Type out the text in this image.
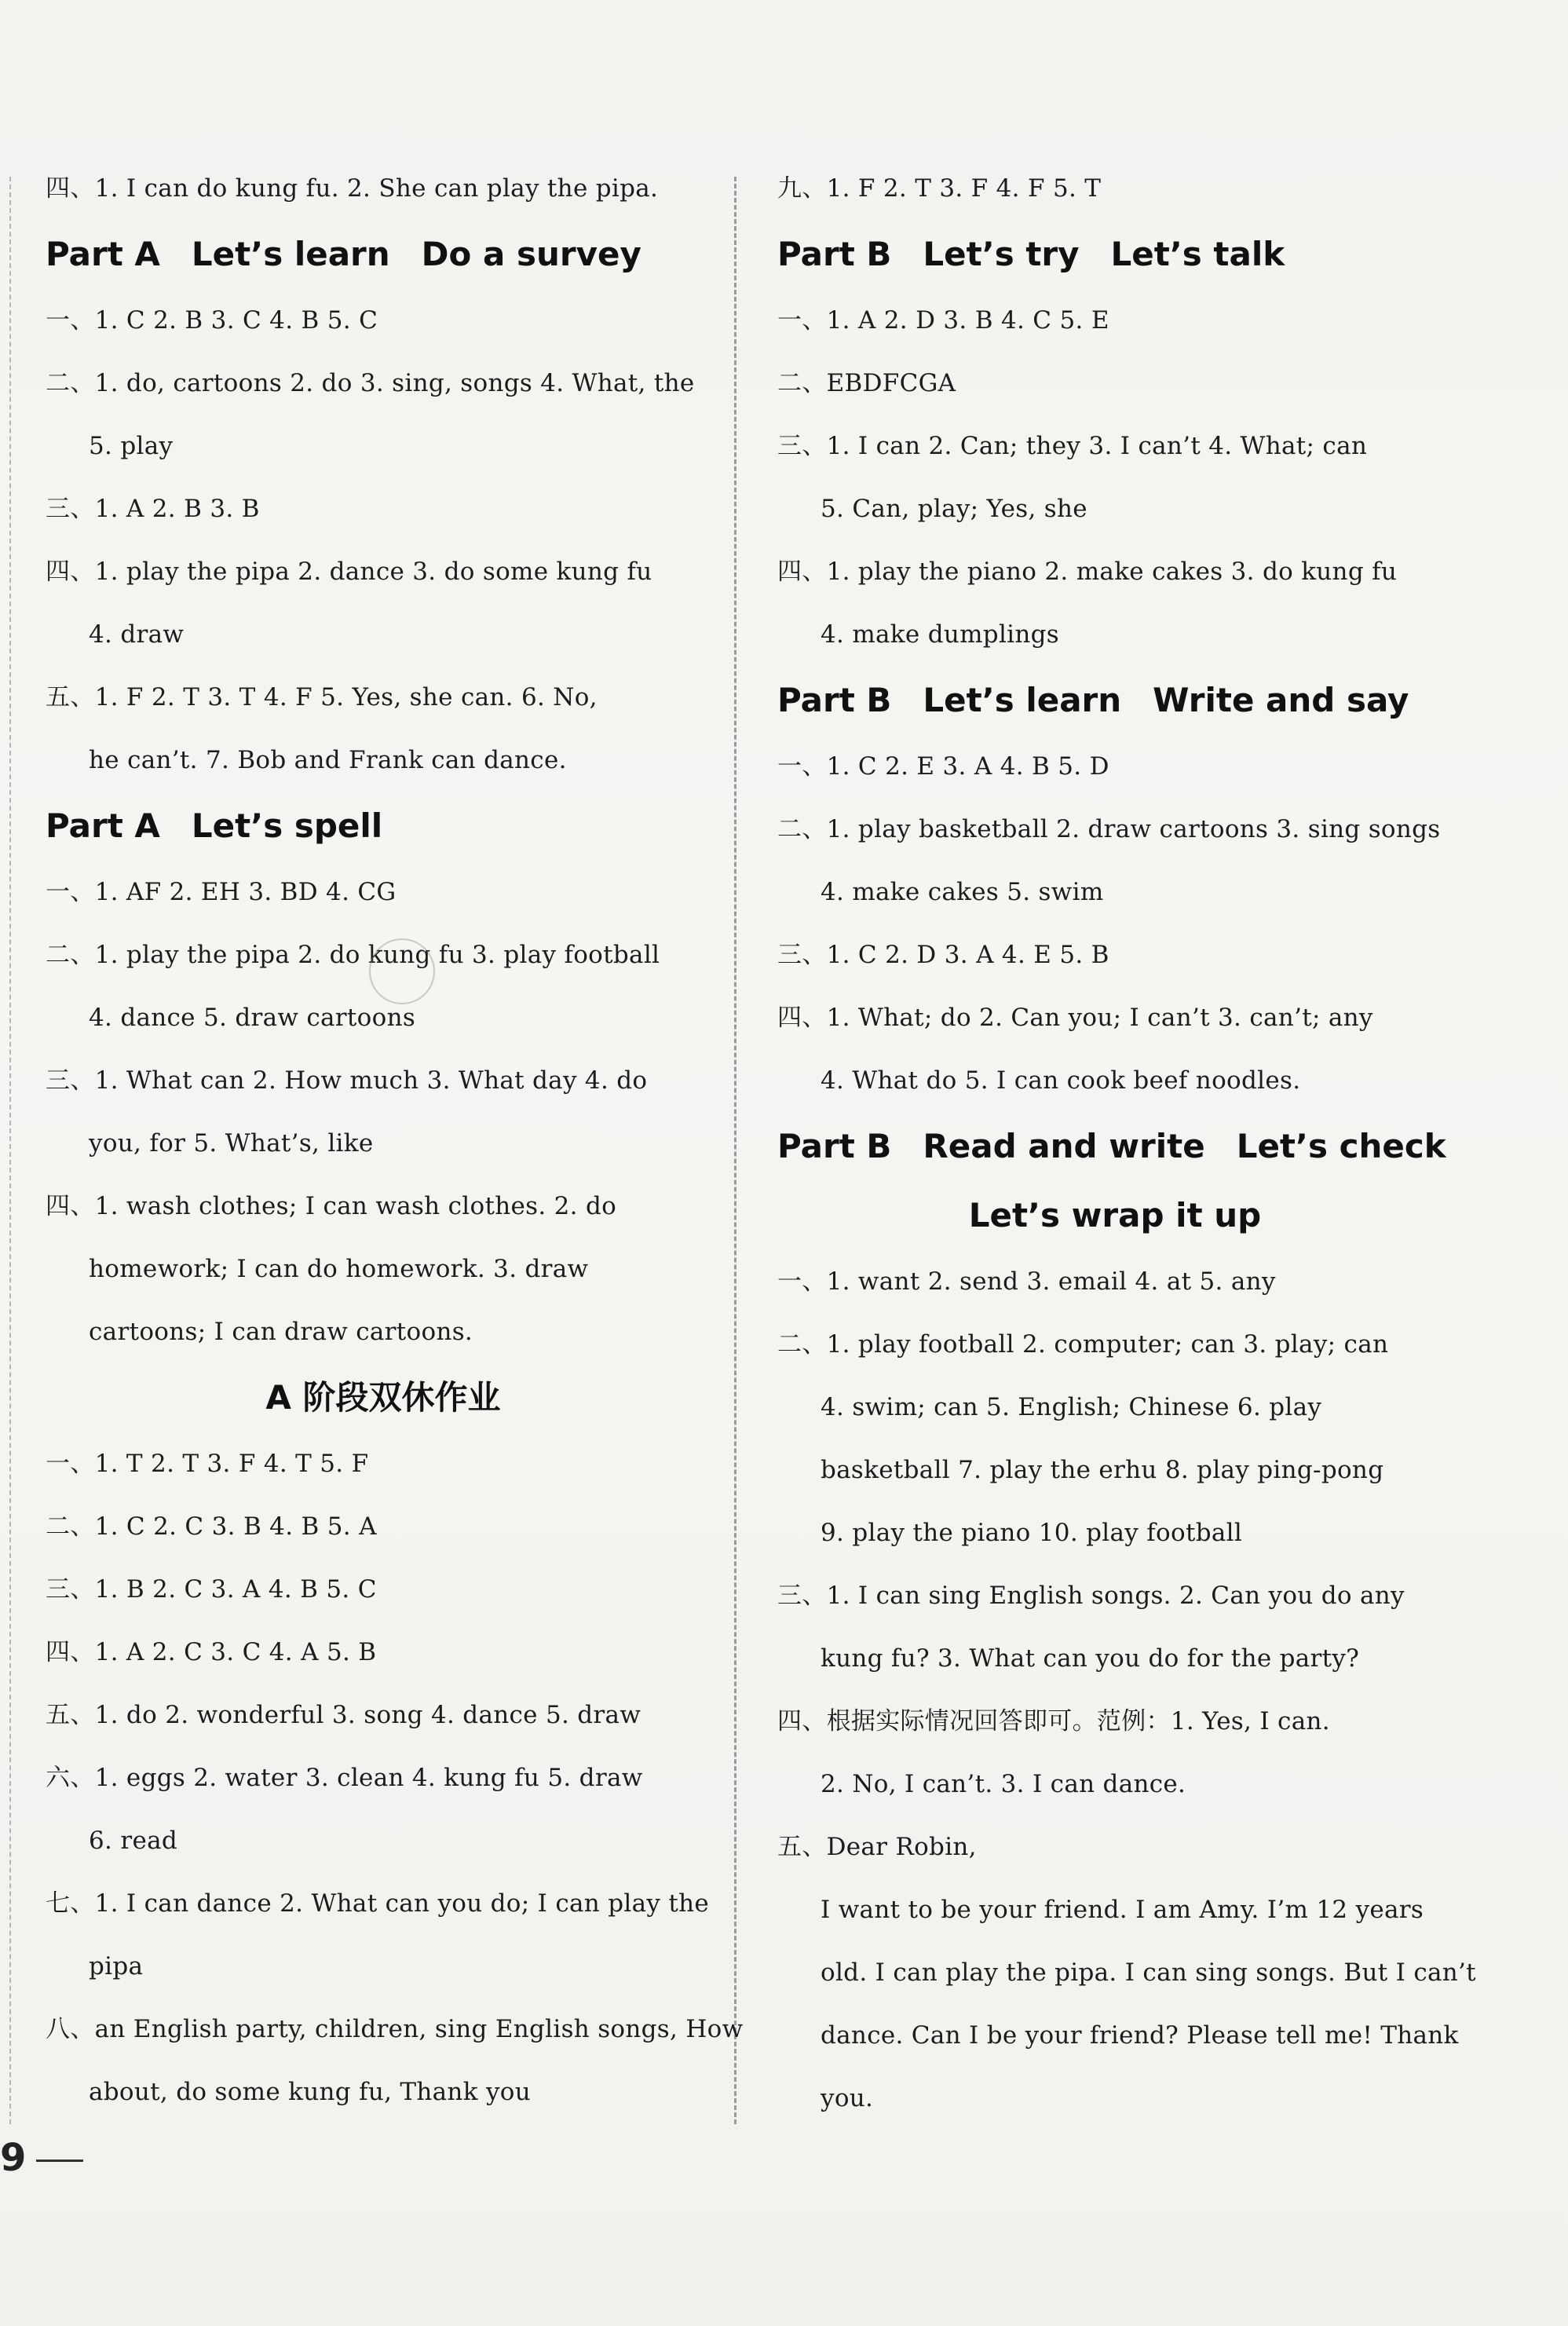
四、1. I can do kung fu. 2. She can play the pipa.
Part A Let’s learn Do a survey
一、1. C 2. B 3. C 4. B 5. C
二、1. do, cartoons 2. do 3. sing, songs 4. What, the
5. play
三、1. A 2. B 3. B
四、1. play the pipa 2. dance 3. do some kung fu
4. draw
五、1. F 2. T 3. T 4. F 5. Yes, she can. 6. No,
he can’t. 7. Bob and Frank can dance.
Part A Let’s spell
一、1. AF 2. EH 3. BD 4. CG
二、1. play the pipa 2. do kung fu 3. play football
4. dance 5. draw cartoons
三、1. What can 2. How much 3. What day 4. do
you, for 5. What’s, like
四、1. wash clothes; I can wash clothes. 2. do
homework; I can do homework. 3. draw
cartoons; I can draw cartoons.
A 阶段双休作业
一、1. T 2. T 3. F 4. T 5. F
二、1. C 2. C 3. B 4. B 5. A
三、1. B 2. C 3. A 4. B 5. C
四、1. A 2. C 3. C 4. A 5. B
五、1. do 2. wonderful 3. song 4. dance 5. draw
六、1. eggs 2. water 3. clean 4. kung fu 5. draw
6. read
七、1. I can dance 2. What can you do; I can play the
pipa
八、an English party, children, sing English songs, How
about, do some kung fu, Thank you
九、1. F 2. T 3. F 4. F 5. T
Part B Let’s try Let’s talk
一、1. A 2. D 3. B 4. C 5. E
二、EBDFCGA
三、1. I can 2. Can; they 3. I can’t 4. What; can
5. Can, play; Yes, she
四、1. play the piano 2. make cakes 3. do kung fu
4. make dumplings
Part B Let’s learn Write and say
一、1. C 2. E 3. A 4. B 5. D
二、1. play basketball 2. draw cartoons 3. sing songs
4. make cakes 5. swim
三、1. C 2. D 3. A 4. E 5. B
四、1. What; do 2. Can you; I can’t 3. can’t; any
4. What do 5. I can cook beef noodles.
Part B Read and write Let’s check
Let’s wrap it up
一、1. want 2. send 3. email 4. at 5. any
二、1. play football 2. computer; can 3. play; can
4. swim; can 5. English; Chinese 6. play
basketball 7. play the erhu 8. play ping-pong
9. play the piano 10. play football
三、1. I can sing English songs. 2. Can you do any
kung fu? 3. What can you do for the party?
四、根据实际情况回答即可。范例：1. Yes, I can.
2. No, I can’t. 3. I can dance.
五、Dear Robin,
I want to be your friend. I am Amy. I’m 12 years
old. I can play the pipa. I can sing songs. But I can’t
dance. Can I be your friend? Please tell me! Thank
you.
9
